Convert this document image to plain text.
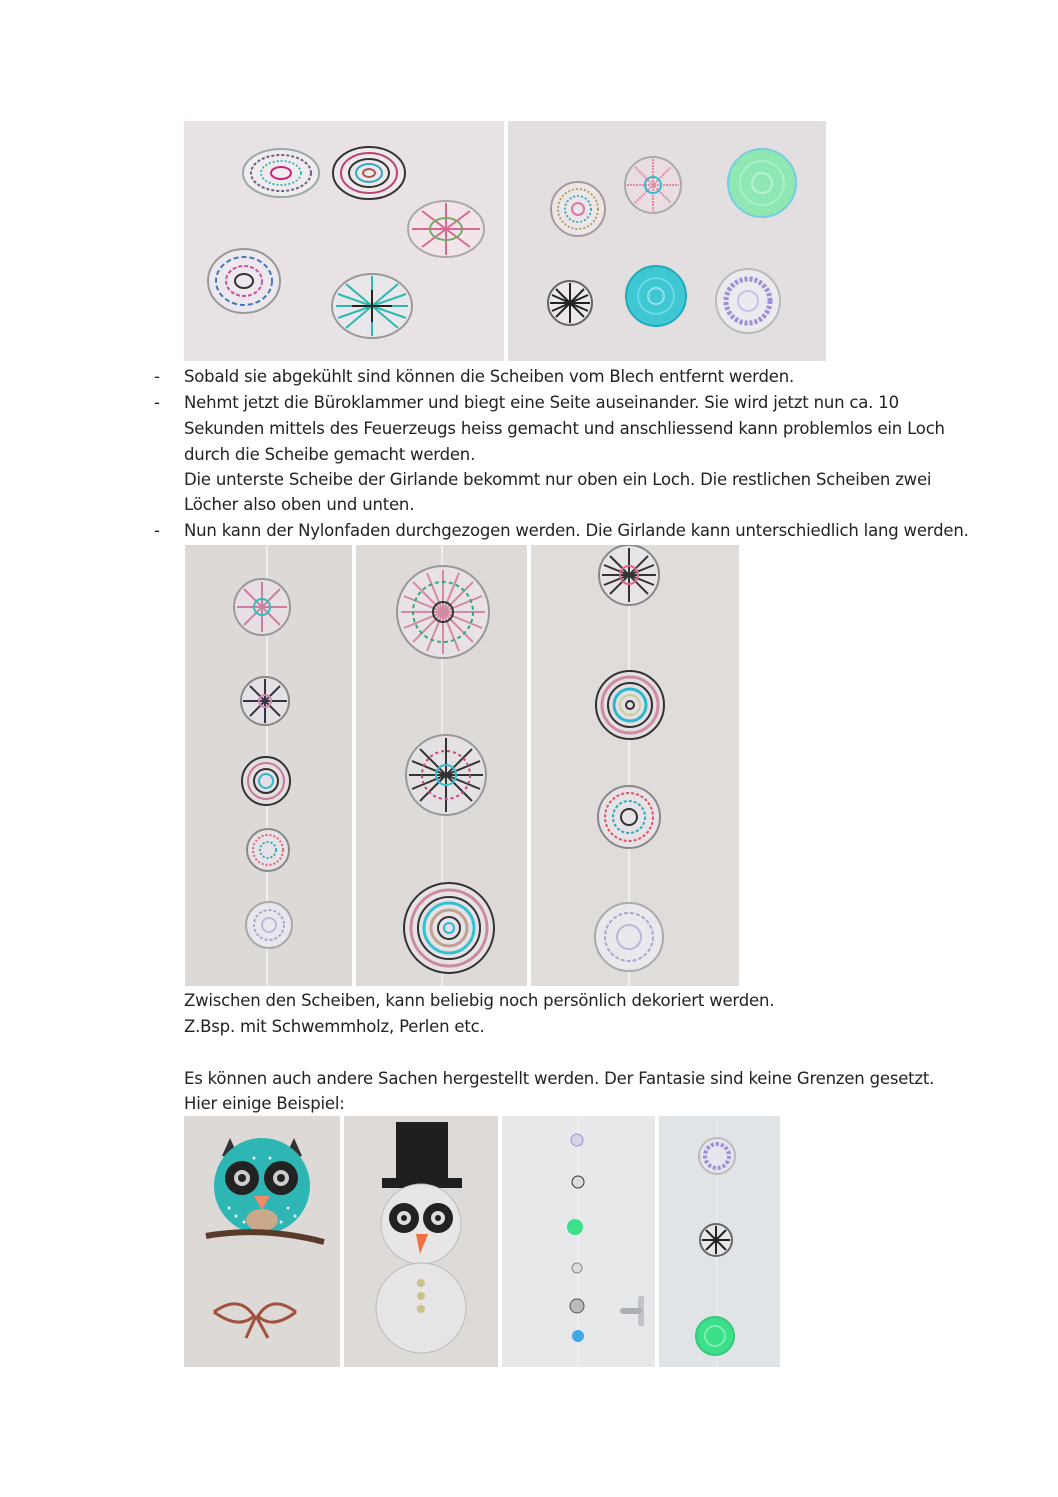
- Sobald sie abgekühlt sind können die Scheiben vom Blech entfernt werden.
- Nehmt jetzt die Büroklammer und biegt eine Seite auseinander. Sie wird jetzt nun ca. 10
Sekunden mittels des Feuerzeugs heiss gemacht und anschliessend kann problemlos ein Loch
durch die Scheibe gemacht werden.
Die unterste Scheibe der Girlande bekommt nur oben ein Loch. Die restlichen Scheiben zwei
Löcher also oben und unten.
- Nun kann der Nylonfaden durchgezogen werden. Die Girlande kann unterschiedlich lang werden.
Zwischen den Scheiben, kann beliebig noch persönlich dekoriert werden.
Z.Bsp. mit Schwemmholz, Perlen etc.
Es können auch andere Sachen hergestellt werden. Der Fantasie sind keine Grenzen gesetzt.
Hier einige Beispiel:
